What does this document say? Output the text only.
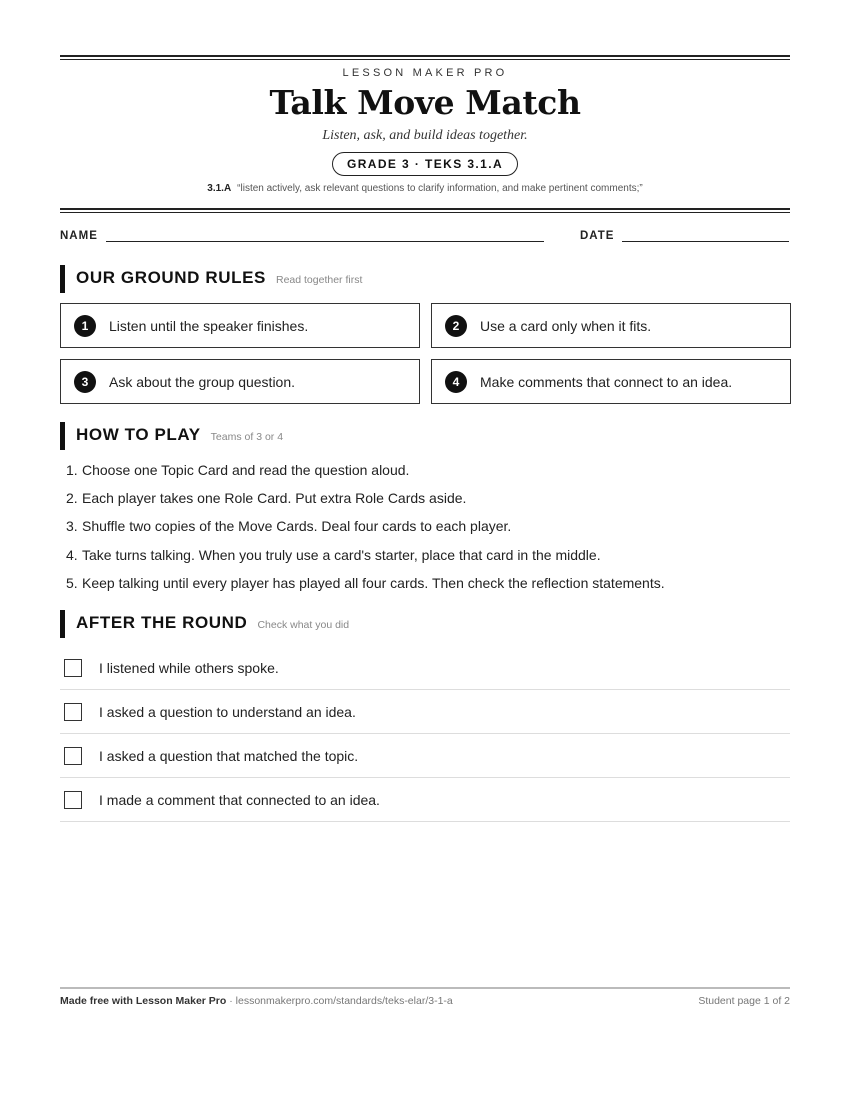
LESSON MAKER PRO
Talk Move Match
Listen, ask, and build ideas together.
GRADE 3 · TEKS 3.1.A
3.1.A “listen actively, ask relevant questions to clarify information, and make pertinent comments;”
NAME	DATE
OUR GROUND RULES Read together first
1	Listen until the speaker finishes.	2	Use a card only when it fits.
3	Ask about the group question.	4	Make comments that connect to an idea.
HOW TO PLAY Teams of 3 or 4
1. Choose one Topic Card and read the question aloud.
2. Each player takes one Role Card. Put extra Role Cards aside.
3. Shuffle two copies of the Move Cards. Deal four cards to each player.
4. Take turns talking. When you truly use a card's starter, place that card in the middle.
5. Keep talking until every player has played all four cards. Then check the reflection statements.
AFTER THE ROUND Check what you did
I listened while others spoke.
I asked a question to understand an idea.
I asked a question that matched the topic.
I made a comment that connected to an idea.
Made free with Lesson Maker Pro · lessonmakerpro.com/standards/teks-elar/3-1-a	Student page 1 of 2
